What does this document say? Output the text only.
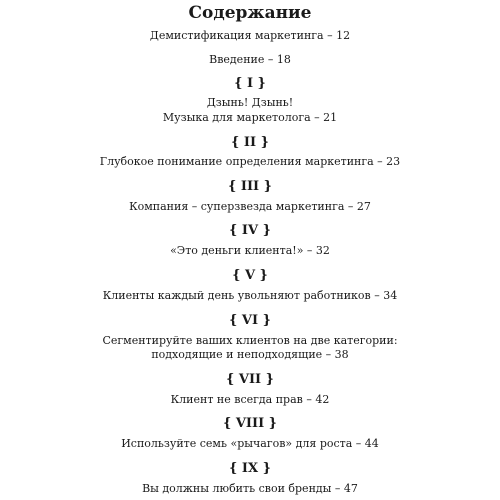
Содержание
Демистификация маркетинга – 12
Введение – 18
{ I }
Дзынь! Дзынь!
Музыка для маркетолога – 21
{ II }
Глубокое понимание определения маркетинга – 23
{ III }
Компания – суперзвезда маркетинга – 27
{ IV }
«Это деньги клиента!» – 32
{ V }
Клиенты каждый день увольняют работников – 34
{ VI }
Сегментируйте ваших клиентов на две категории:
подходящие и неподходящие – 38
{ VII }
Клиент не всегда прав – 42
{ VIII }
Используйте семь «рычагов» для роста – 44
{ IX }
Вы должны любить свои бренды – 47
